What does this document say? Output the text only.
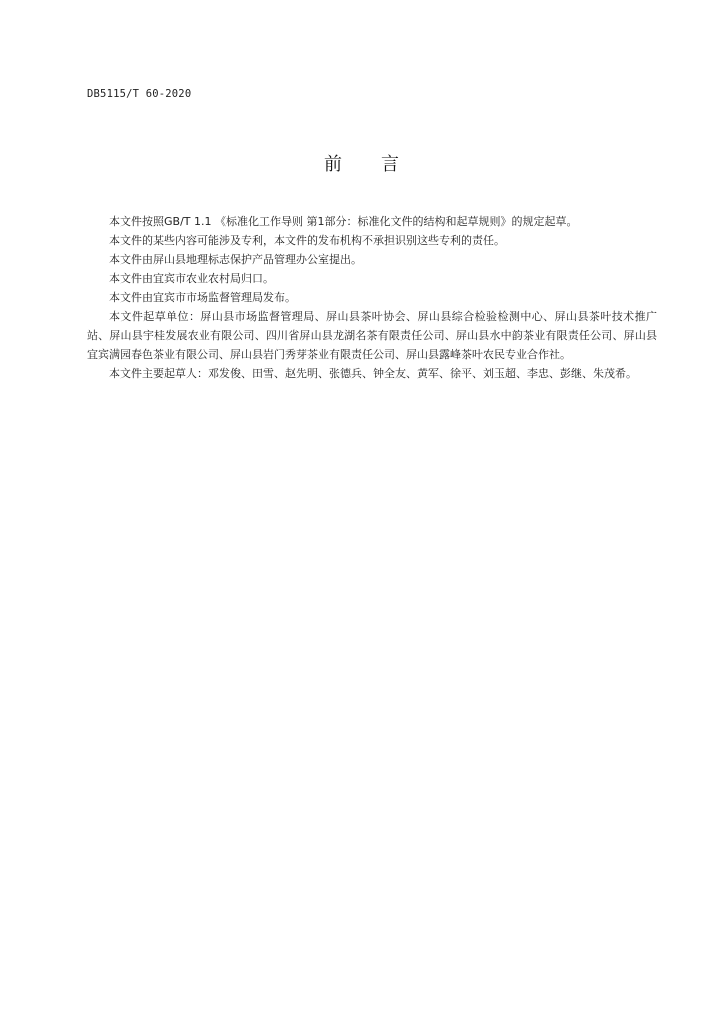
DB5115/T 60-2020
前 言

本文件按照GB/T 1.1 《标准化工作导则 第1部分：标准化文件的结构和起草规则》的规定起草。

本文件的某些内容可能涉及专利，本文件的发布机构不承担识别这些专利的责任。

本文件由屏山县地理标志保护产品管理办公室提出。

本文件由宜宾市农业农村局归口。

本文件由宜宾市市场监督管理局发布。

本文件起草单位：屏山县市场监督管理局、屏山县茶叶协会、屏山县综合检验检测中心、屏山县茶叶技术推广站、屏山县宇桂发展农业有限公司、四川省屏山县龙湖名茶有限责任公司、屏山县水中韵茶业有限责任公司、屏山县宜宾满园春色茶业有限公司、屏山县岩门秀芽茶业有限责任公司、屏山县露峰茶叶农民专业合作社。

本文件主要起草人：邓发俊、田雪、赵先明、张德兵、钟全友、黄军、徐平、刘玉超、李忠、彭继、朱茂希。
